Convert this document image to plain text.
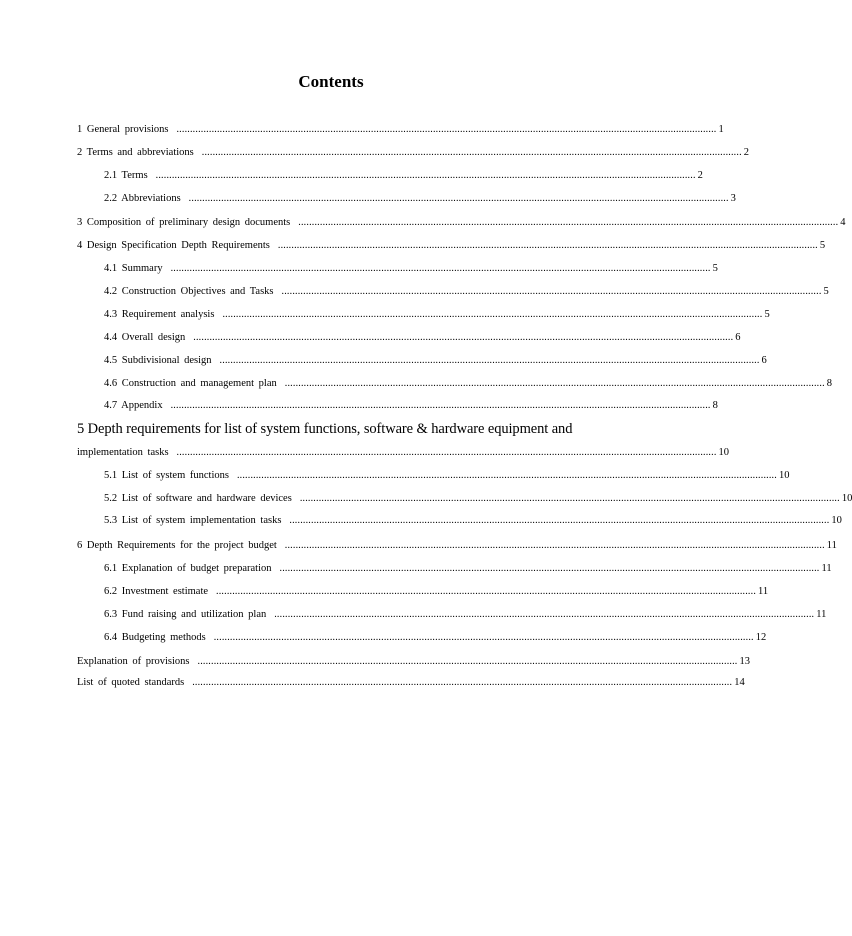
Contents
1 General provisions ........................................................................................................................................................................................................ 1
2 Terms and abbreviations ........................................................................................................................................................................................................ 2
2.1 Terms ........................................................................................................................................................................................................ 2
2.2 Abbreviations ........................................................................................................................................................................................................ 3
3 Composition of preliminary design documents ........................................................................................................................................................................................................ 4
4 Design Specification Depth Requirements ........................................................................................................................................................................................................ 5
4.1 Summary ........................................................................................................................................................................................................ 5
4.2 Construction Objectives and Tasks ........................................................................................................................................................................................................ 5
4.3 Requirement analysis ........................................................................................................................................................................................................ 5
4.4 Overall design ........................................................................................................................................................................................................ 6
4.5 Subdivisional design ........................................................................................................................................................................................................ 6
4.6 Construction and management plan ........................................................................................................................................................................................................ 8
4.7 Appendix ........................................................................................................................................................................................................ 8
5 Depth requirements for list of system functions, software & hardware equipment and
implementation tasks ........................................................................................................................................................................................................ 10
5.1 List of system functions ........................................................................................................................................................................................................ 10
5.2 List of software and hardware devices ........................................................................................................................................................................................................ 10
5.3 List of system implementation tasks ........................................................................................................................................................................................................ 10
6 Depth Requirements for the project budget ........................................................................................................................................................................................................ 11
6.1 Explanation of budget preparation ........................................................................................................................................................................................................ 11
6.2 Investment estimate ........................................................................................................................................................................................................ 11
6.3 Fund raising and utilization plan ........................................................................................................................................................................................................ 11
6.4 Budgeting methods ........................................................................................................................................................................................................ 12
Explanation of provisions ........................................................................................................................................................................................................ 13
List of quoted standards ........................................................................................................................................................................................................ 14
